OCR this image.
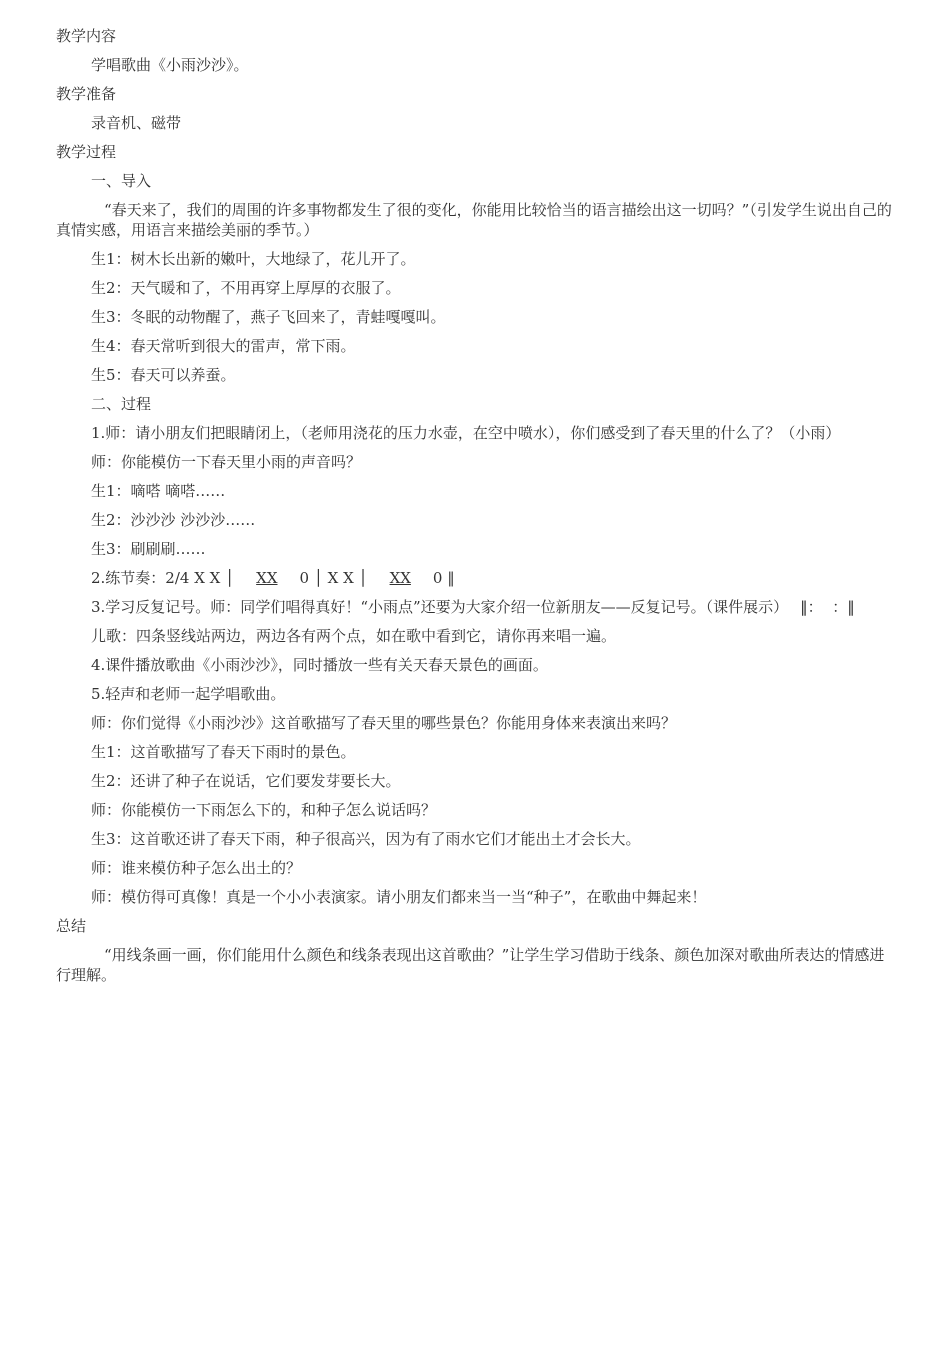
教学内容

学唱歌曲《小雨沙沙》。

教学准备

录音机、磁带

教学过程

一、导入

“春天来了，我们的周围的许多事物都发生了很的变化，你能用比较恰当的语言描绘出这一切吗？”（引发学生说出自己的真情实感，用语言来描绘美丽的季节。）

生1：树木长出新的嫩叶，大地绿了，花儿开了。

生2：天气暖和了，不用再穿上厚厚的衣服了。

生3：冬眠的动物醒了，燕子飞回来了，青蛙嘎嘎叫。

生4：春天常听到很大的雷声，常下雨。

生5：春天可以养蚕。

二、过程

1.师：请小朋友们把眼睛闭上，（老师用浇花的压力水壶，在空中喷水），你们感受到了春天里的什么了？（小雨）

师：你能模仿一下春天里小雨的声音吗？

生1：嘀嗒 嘀嗒……

生2：沙沙沙 沙沙沙……

生3：刷刷刷……

2.练节奏：2/4 X X │ XX 0 │ X X │ XX 0 ‖

3.学习反复记号。师：同学们唱得真好！“小雨点”还要为大家介绍一位新朋友——反复记号。（课件展示） ‖：  ：‖

儿歌：四条竖线站两边，两边各有两个点，如在歌中看到它，请你再来唱一遍。

4.课件播放歌曲《小雨沙沙》，同时播放一些有关天春天景色的画面。

5.轻声和老师一起学唱歌曲。

师：你们觉得《小雨沙沙》这首歌描写了春天里的哪些景色？你能用身体来表演出来吗？

生1：这首歌描写了春天下雨时的景色。

生2：还讲了种子在说话，它们要发芽要长大。

师：你能模仿一下雨怎么下的，和种子怎么说话吗？

生3：这首歌还讲了春天下雨，种子很高兴，因为有了雨水它们才能出土才会长大。

师：谁来模仿种子怎么出土的？

师：模仿得可真像！真是一个小小表演家。请小朋友们都来当一当“种子”，在歌曲中舞起来！

总结

“用线条画一画，你们能用什么颜色和线条表现出这首歌曲？”让学生学习借助于线条、颜色加深对歌曲所表达的情感进行理解。
